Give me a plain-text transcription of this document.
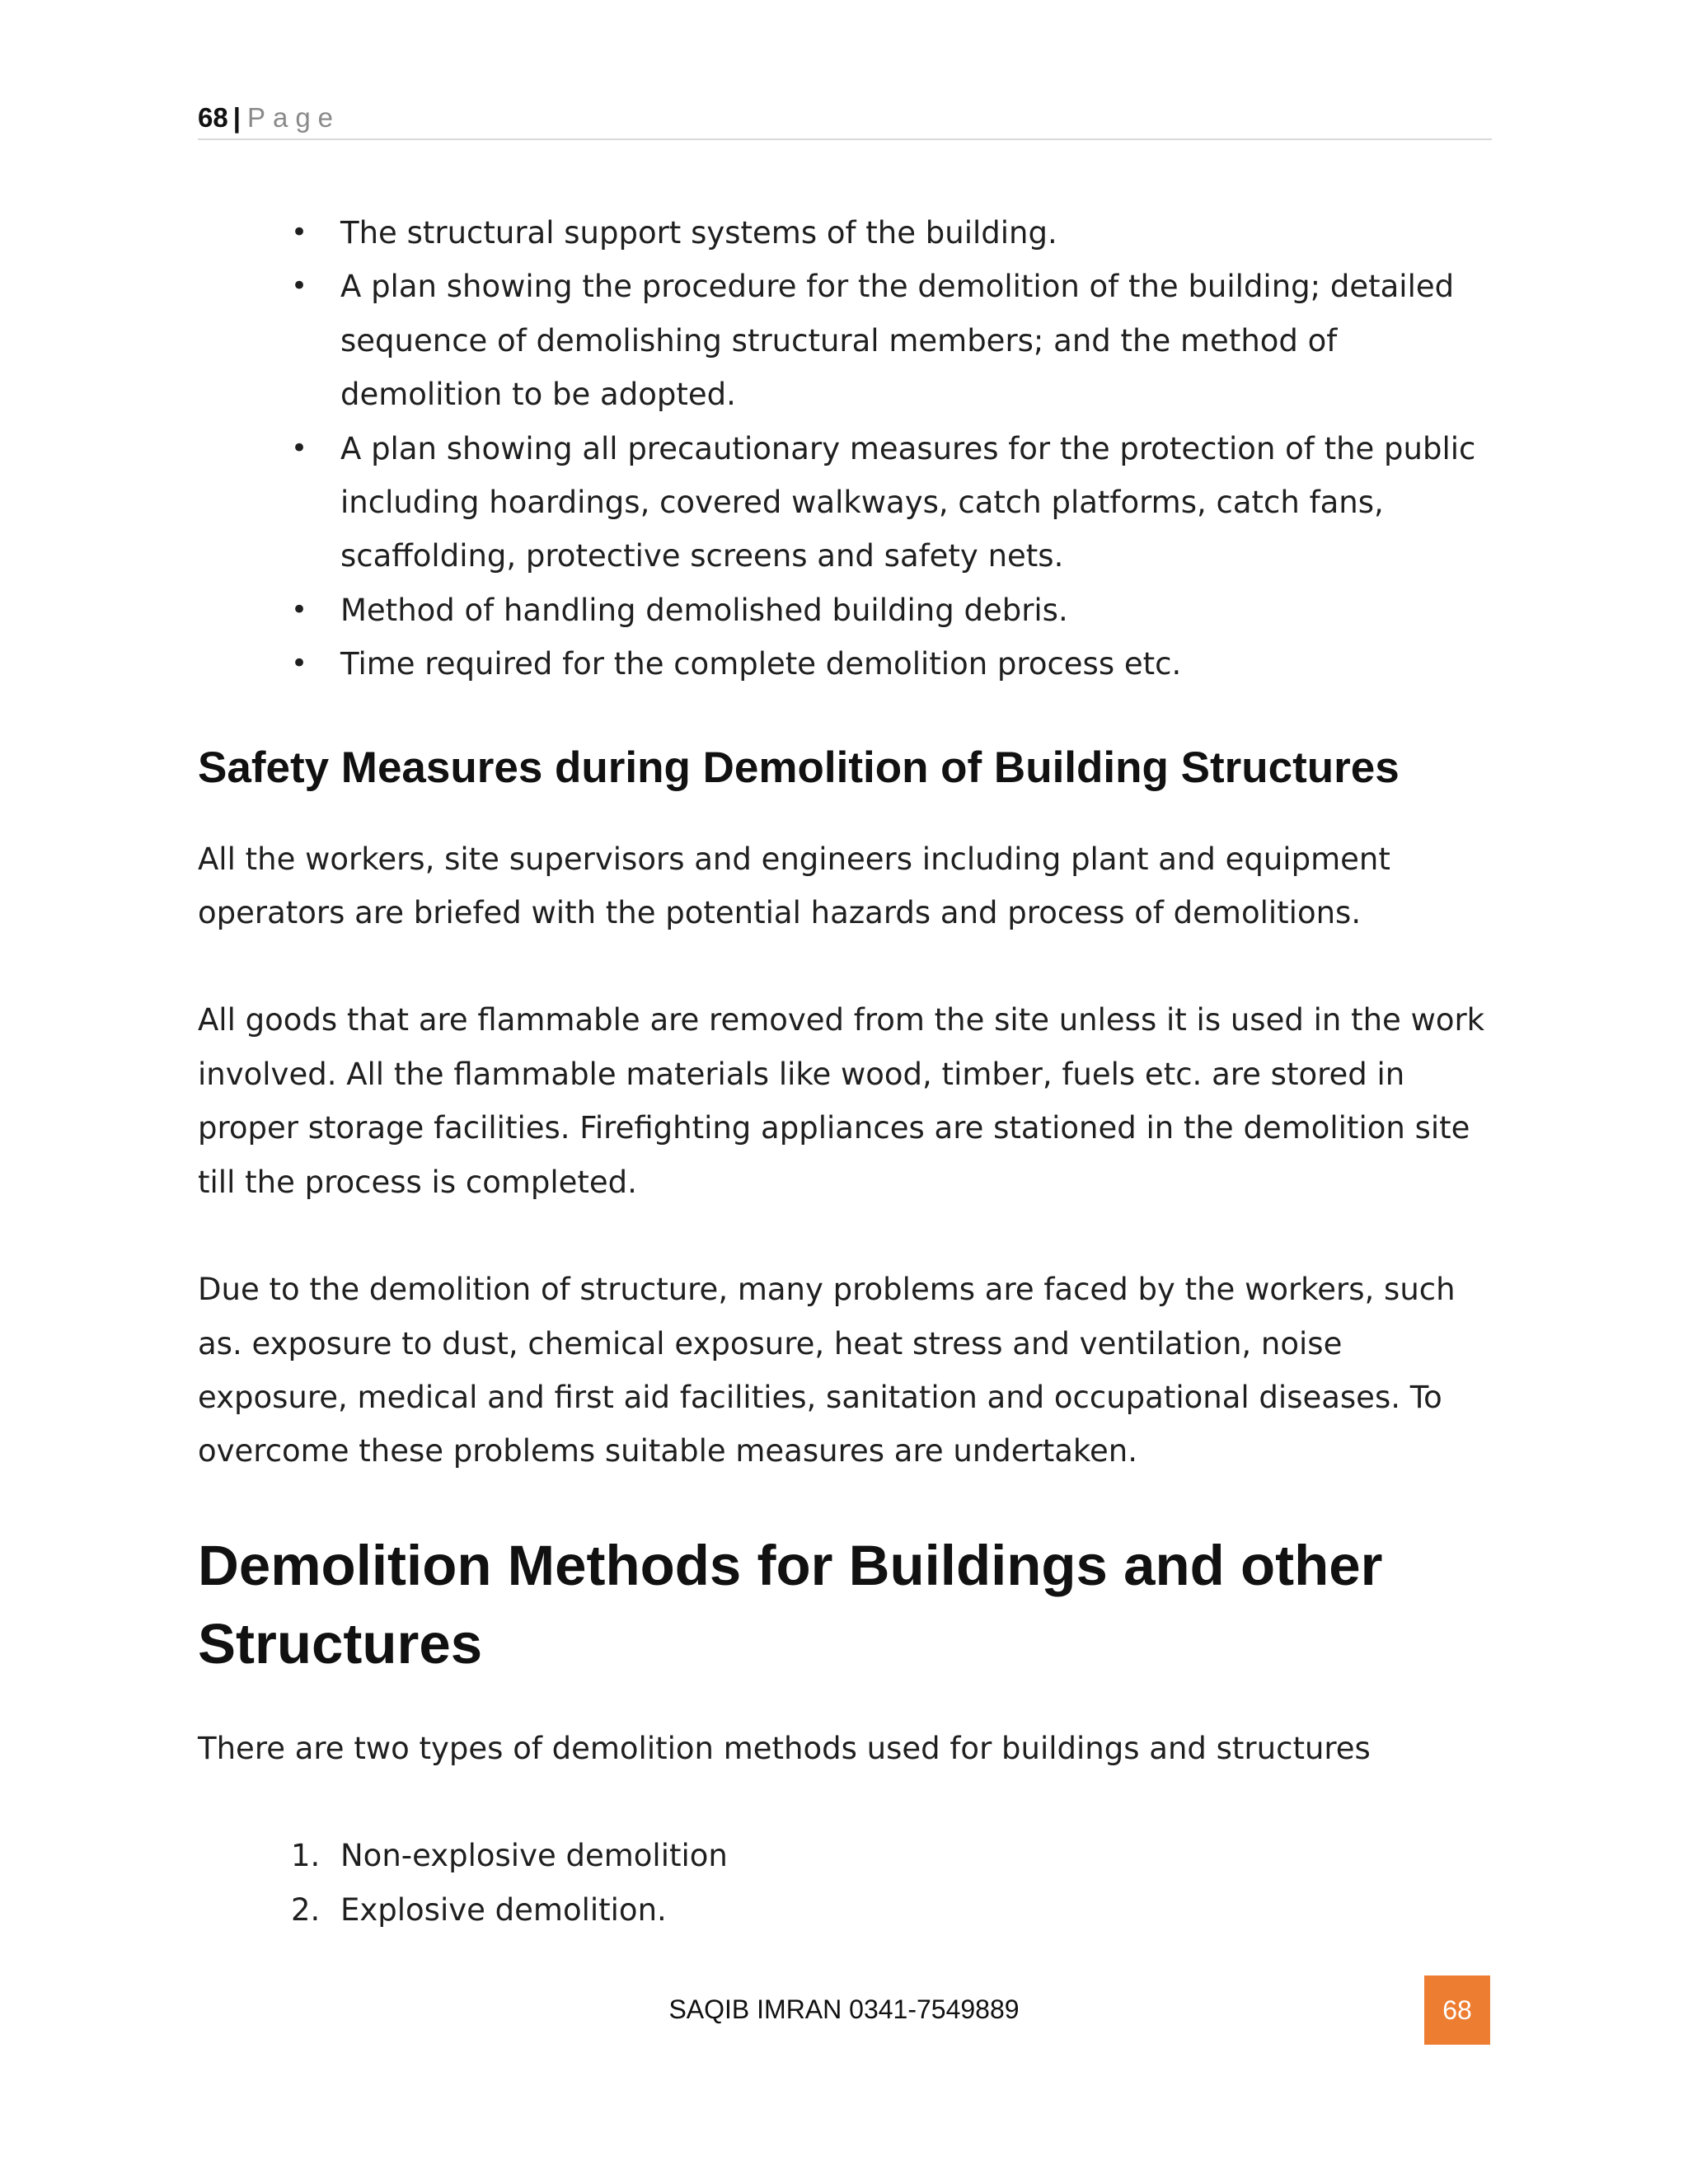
68 | Page
• The structural support systems of the building.
• A plan showing the procedure for the demolition of the building; detailed sequence of demolishing structural members; and the method of demolition to be adopted.
• A plan showing all precautionary measures for the protection of the public including hoardings, covered walkways, catch platforms, catch fans, scaffolding, protective screens and safety nets.
• Method of handling demolished building debris.
• Time required for the complete demolition process etc.
Safety Measures during Demolition of Building Structures

All the workers, site supervisors and engineers including plant and equipment operators are briefed with the potential hazards and process of demolitions.

All goods that are flammable are removed from the site unless it is used in the work involved. All the flammable materials like wood, timber, fuels etc. are stored in proper storage facilities. Firefighting appliances are stationed in the demolition site till the process is completed.

Due to the demolition of structure, many problems are faced by the workers, such as. exposure to dust, chemical exposure, heat stress and ventilation, noise exposure, medical and first aid facilities, sanitation and occupational diseases. To overcome these problems suitable measures are undertaken.

Demolition Methods for Buildings and other Structures

There are two types of demolition methods used for buildings and structures

1. Non-explosive demolition
2. Explosive demolition.
SAQIB IMRAN 0341-7549889	68
